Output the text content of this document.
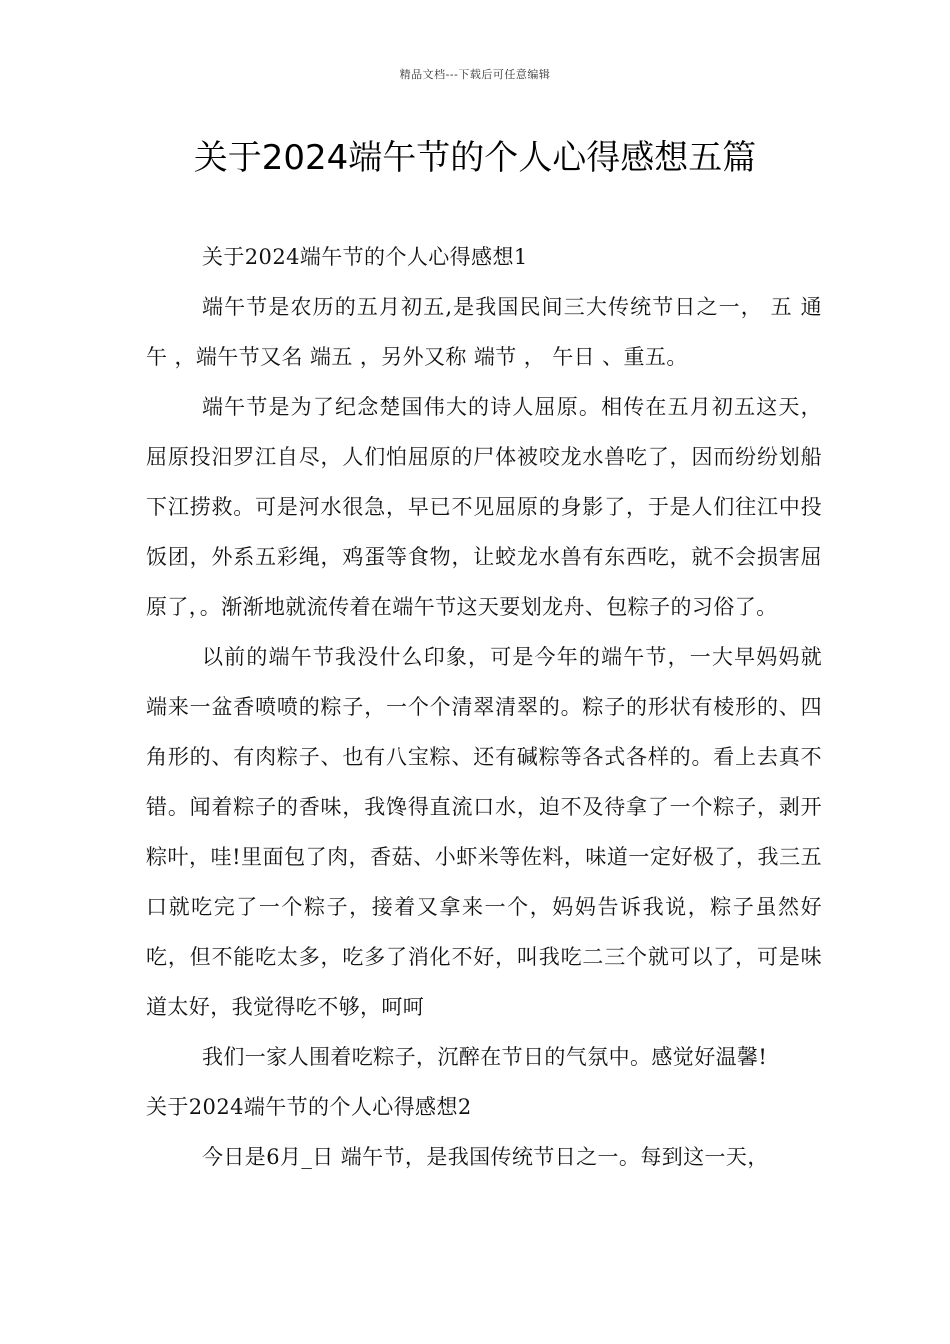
精品文档---下载后可任意编辑
关于2024端午节的个人心得感想五篇

关于2024端午节的个人心得感想1

端午节是农历的五月初五,是我国民间三大传统节日之一， 五 通 午 ，端午节又名 端五 ，另外又称 端节 ， 午日 、重五。

端午节是为了纪念楚国伟大的诗人屈原。相传在五月初五这天，屈原投汨罗江自尽，人们怕屈原的尸体被咬龙水兽吃了，因而纷纷划船下江捞救。可是河水很急，早已不见屈原的身影了，于是人们往江中投饭团，外系五彩绳，鸡蛋等食物，让蛟龙水兽有东西吃，就不会损害屈原了，。渐渐地就流传着在端午节这天要划龙舟、包粽子的习俗了。

以前的端午节我没什么印象，可是今年的端午节，一大早妈妈就端来一盆香喷喷的粽子，一个个清翠清翠的。粽子的形状有棱形的、四角形的、有肉粽子、也有八宝粽、还有碱粽等各式各样的。看上去真不错。闻着粽子的香味，我馋得直流口水，迫不及待拿了一个粽子，剥开粽叶，哇!里面包了肉，香菇、小虾米等佐料，味道一定好极了，我三五口就吃完了一个粽子，接着又拿来一个，妈妈告诉我说，粽子虽然好吃，但不能吃太多，吃多了消化不好，叫我吃二三个就可以了，可是味道太好，我觉得吃不够，呵呵

我们一家人围着吃粽子，沉醉在节日的气氛中。感觉好温馨!

关于2024端午节的个人心得感想2

今日是6月_日 端午节，是我国传统节日之一。每到这一天，
